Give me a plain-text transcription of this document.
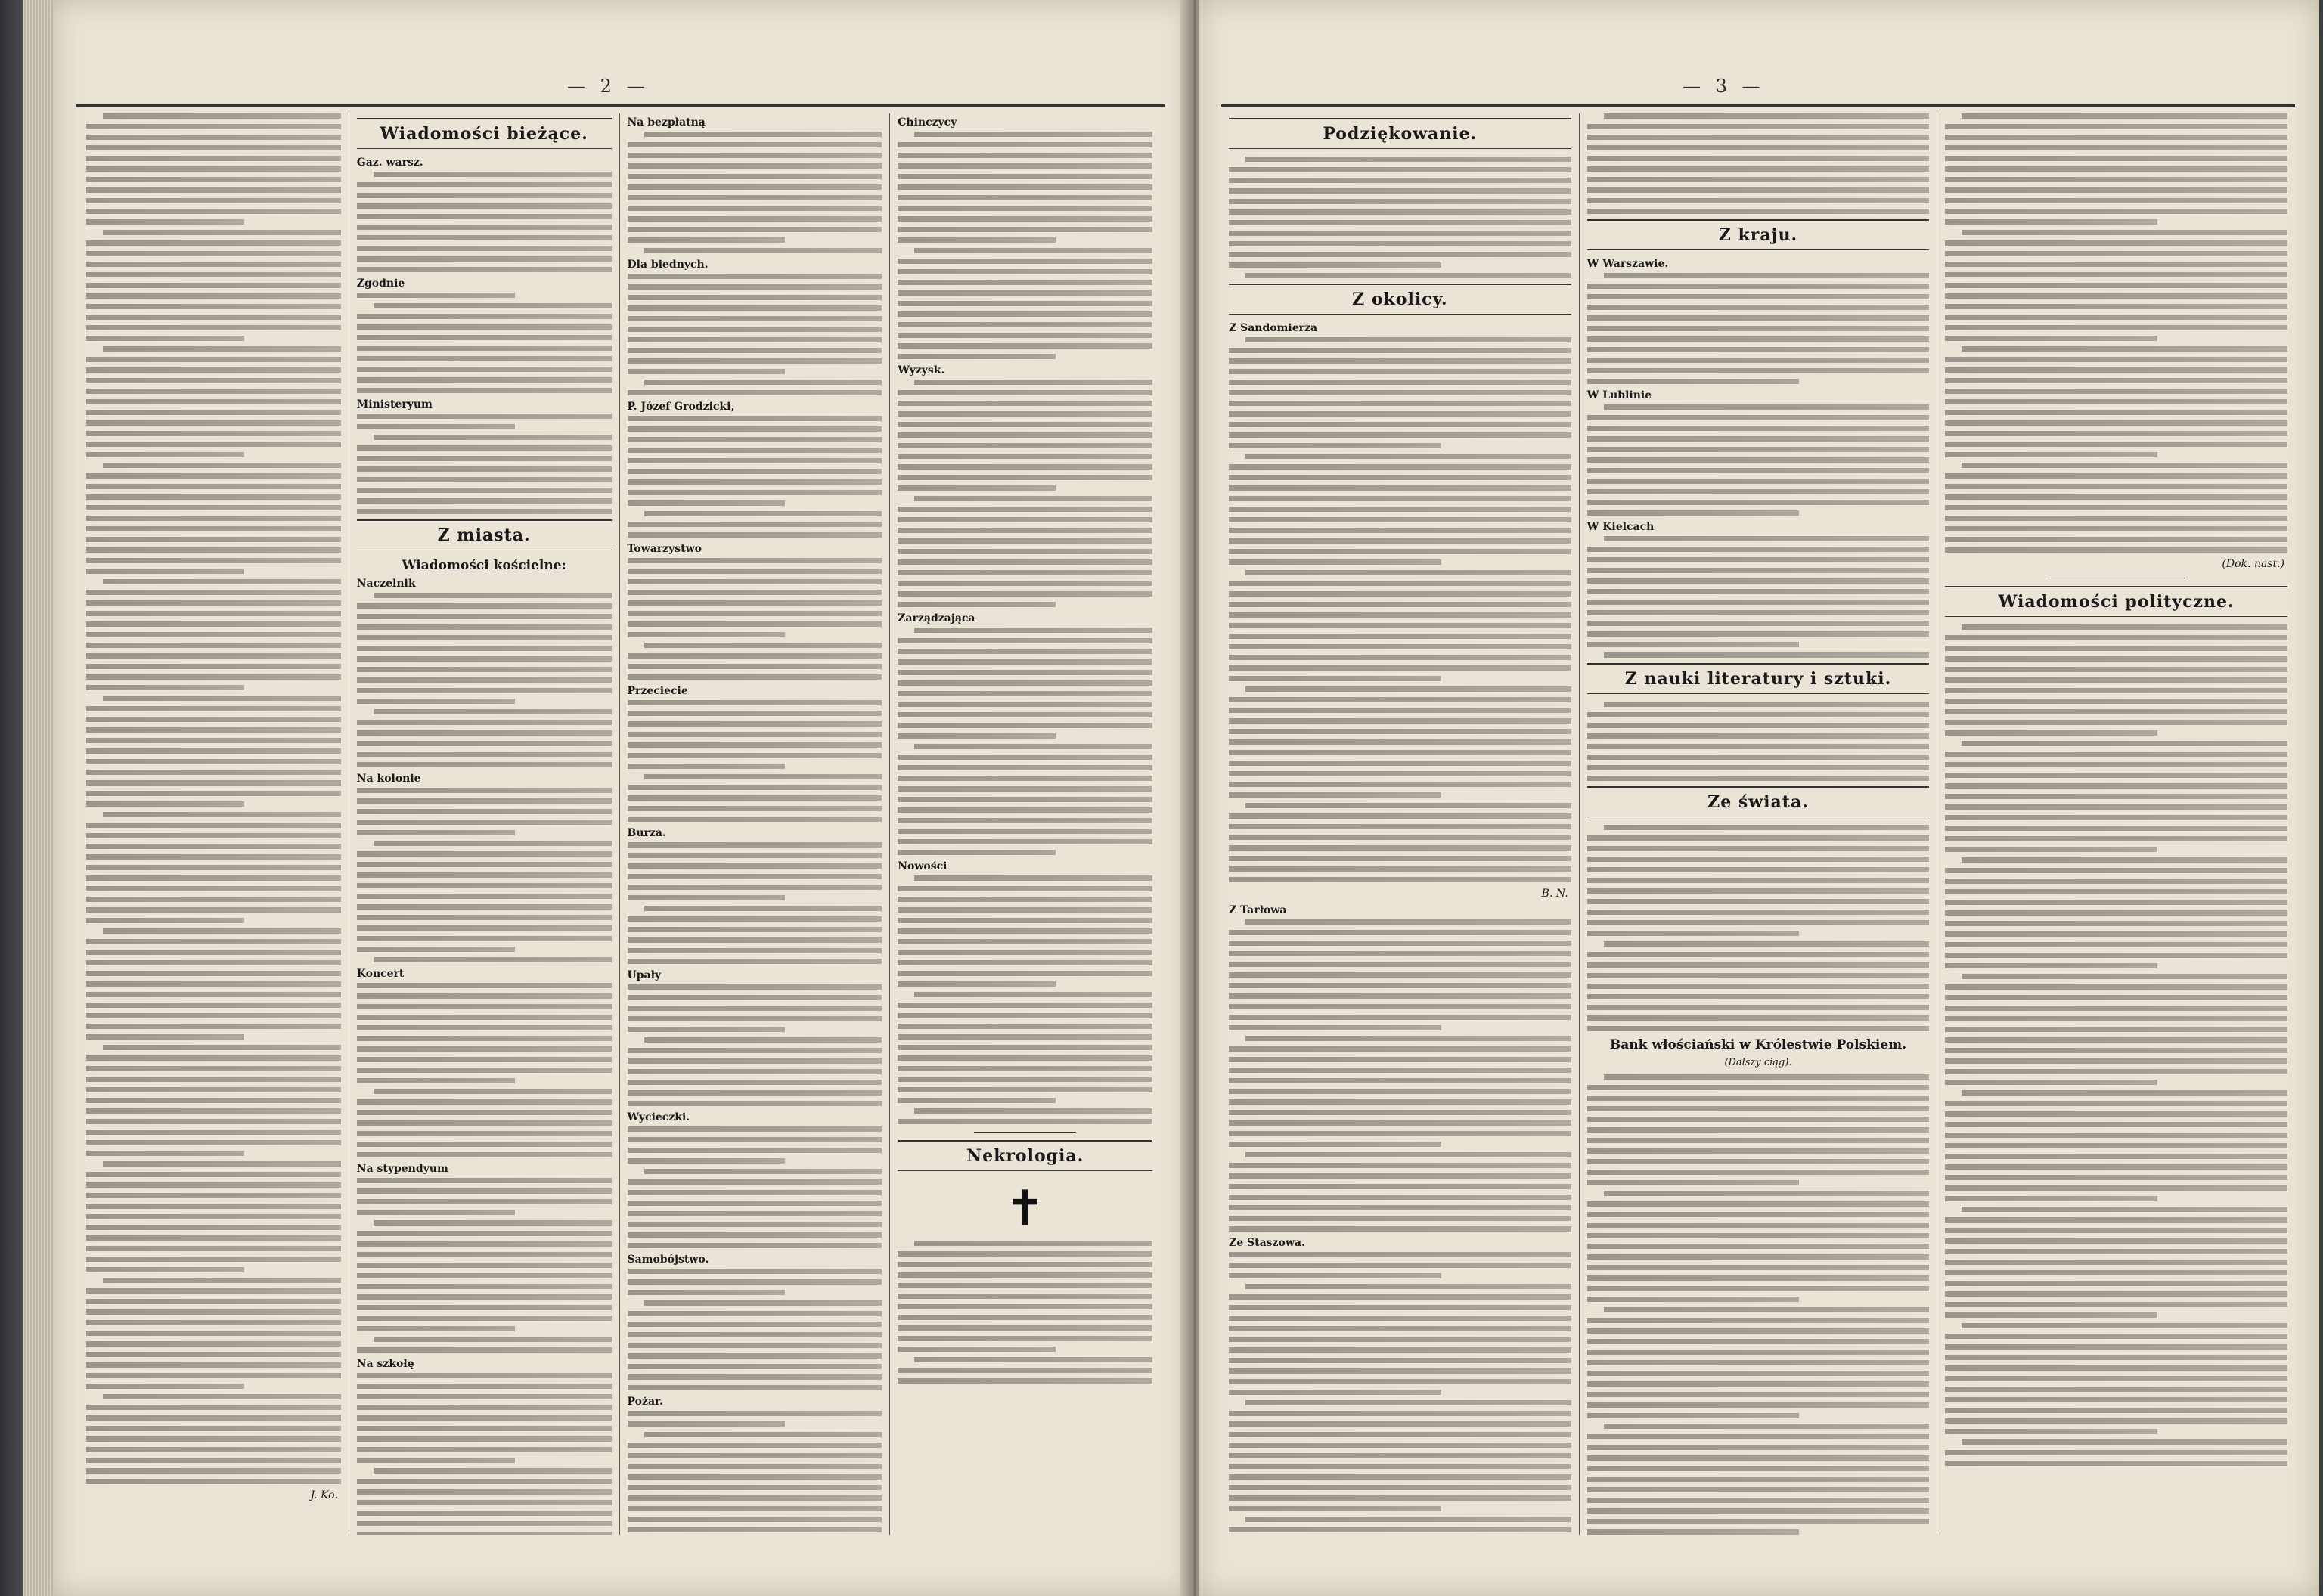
— 2 —
J. Ko.
Wiadomości bieżące.
Gaz. warsz.
Zgodnie
Ministeryum
Z miasta.
Wiadomości kościelne:
Naczelnik
Na kolonie
Koncert
Na stypendyum
Na szkołę
Na bezpłatną
Dla biednych.
P. Józef Grodzicki,
Towarzystwo
Przeciecie
Burza.
Upały
Wycieczki.
Samobójstwo.
Pożar.
Chinczycy
Wyzysk.
Zarządzająca
Nowości
Nekrologia.
✝
— 3 —
Podziękowanie.
Z okolicy.
Z Sandomierza
B. N.
Z Tarłowa
Ze Staszowa.
Z kraju.
W Warszawie.
W Lublinie
W Kielcach
Z nauki literatury i sztuki.
Ze świata.
Bank włościański w Królestwie Polskiem.
(Dalszy ciąg).
(Dok. nast.)
Wiadomości polityczne.
